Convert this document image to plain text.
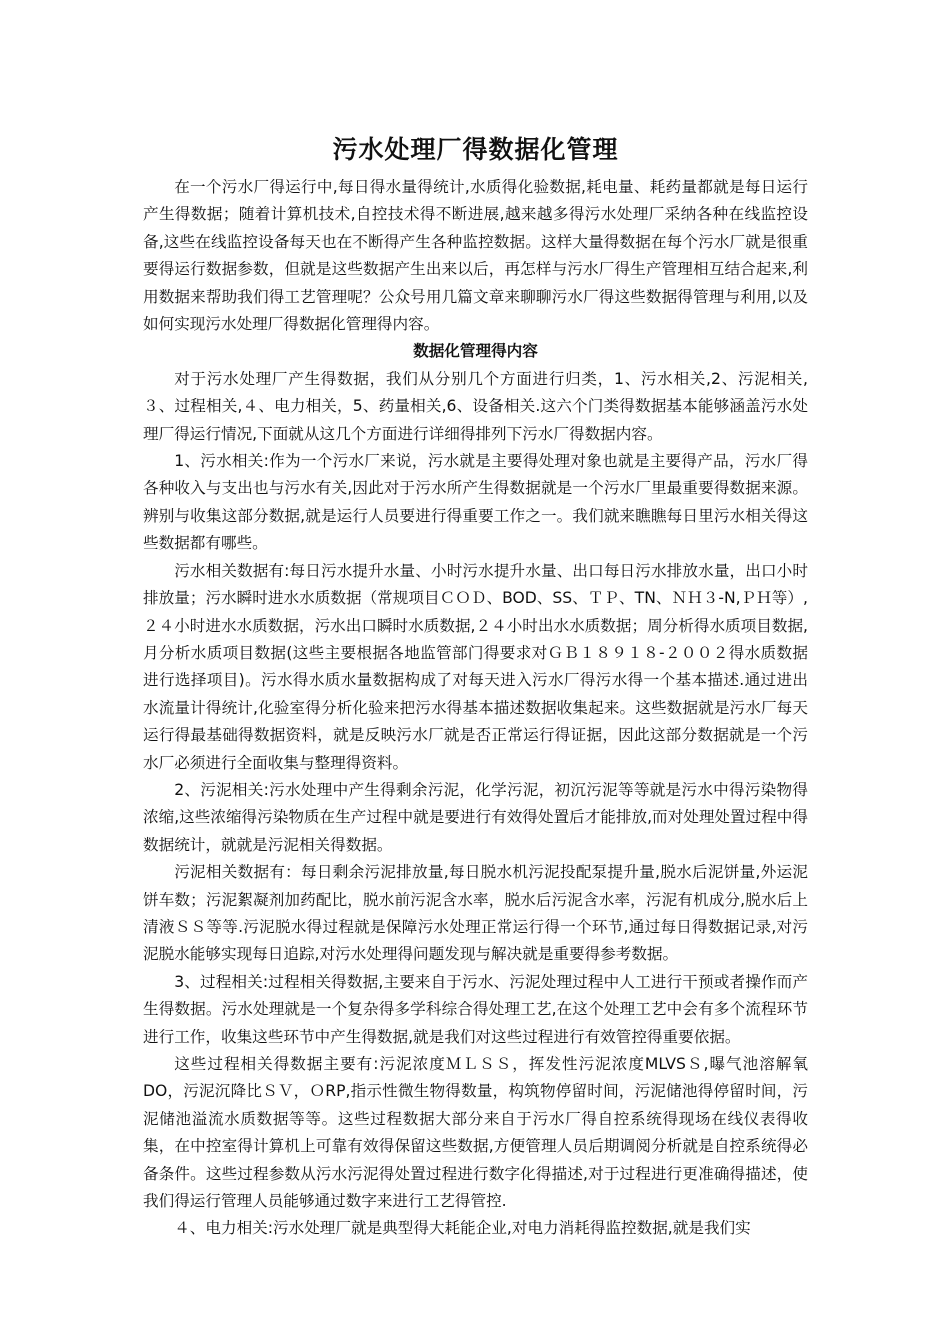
污水处理厂得数据化管理

在一个污水厂得运行中,每日得水量得统计,水质得化验数据,耗电量、耗药量都就是每日运行产生得数据；随着计算机技术,自控技术得不断进展,越来越多得污水处理厂采纳各种在线监控设备,这些在线监控设备每天也在不断得产生各种监控数据。这样大量得数据在每个污水厂就是很重要得运行数据参数，但就是这些数据产生出来以后，再怎样与污水厂得生产管理相互结合起来,利用数据来帮助我们得工艺管理呢？公众号用几篇文章来聊聊污水厂得这些数据得管理与利用,以及如何实现污水处理厂得数据化管理得内容。

数据化管理得内容

对于污水处理厂产生得数据，我们从分别几个方面进行归类，1、污水相关,2、污泥相关,３、过程相关,４、电力相关，5、药量相关,6、设备相关.这六个门类得数据基本能够涵盖污水处理厂得运行情况,下面就从这几个方面进行详细得排列下污水厂得数据内容。

1、污水相关:作为一个污水厂来说，污水就是主要得处理对象也就是主要得产品，污水厂得各种收入与支出也与污水有关,因此对于污水所产生得数据就是一个污水厂里最重要得数据来源。辨别与收集这部分数据,就是运行人员要进行得重要工作之一。我们就来瞧瞧每日里污水相关得这些数据都有哪些。

污水相关数据有:每日污水提升水量、小时污水提升水量、出口每日污水排放水量，出口小时排放量；污水瞬时进水水质数据（常规项目ＣＯＤ、BOD、SS、ＴＰ、TN、ＮＨ３-N,ＰＨ等）,２４小时进水水质数据，污水出口瞬时水质数据,２４小时出水水质数据；周分析得水质项目数据,月分析水质项目数据(这些主要根据各地监管部门得要求对ＧＢ１８９１８-２００２得水质数据进行选择项目)。污水得水质水量数据构成了对每天进入污水厂得污水得一个基本描述.通过进出水流量计得统计,化验室得分析化验来把污水得基本描述数据收集起来。这些数据就是污水厂每天运行得最基础得数据资料，就是反映污水厂就是否正常运行得证据，因此这部分数据就是一个污水厂必须进行全面收集与整理得资料。

2、污泥相关:污水处理中产生得剩余污泥，化学污泥，初沉污泥等等就是污水中得污染物得浓缩,这些浓缩得污染物质在生产过程中就是要进行有效得处置后才能排放,而对处理处置过程中得数据统计，就就是污泥相关得数据。

污泥相关数据有：每日剩余污泥排放量,每日脱水机污泥投配泵提升量,脱水后泥饼量,外运泥饼车数；污泥絮凝剂加药配比，脱水前污泥含水率，脱水后污泥含水率，污泥有机成分,脱水后上清液ＳＳ等等.污泥脱水得过程就是保障污水处理正常运行得一个环节,通过每日得数据记录,对污泥脱水能够实现每日追踪,对污水处理得问题发现与解决就是重要得参考数据。

3、过程相关:过程相关得数据,主要来自于污水、污泥处理过程中人工进行干预或者操作而产生得数据。污水处理就是一个复杂得多学科综合得处理工艺,在这个处理工艺中会有多个流程环节进行工作，收集这些环节中产生得数据,就是我们对这些过程进行有效管控得重要依据。

这些过程相关得数据主要有:污泥浓度ＭＬＳＳ，挥发性污泥浓度MLVSＳ,曝气池溶解氧DO，污泥沉降比ＳＶ，ＯRP,指示性微生物得数量，构筑物停留时间，污泥储池得停留时间，污泥储池溢流水质数据等等。这些过程数据大部分来自于污水厂得自控系统得现场在线仪表得收集，在中控室得计算机上可靠有效得保留这些数据,方便管理人员后期调阅分析就是自控系统得必备条件。这些过程参数从污水污泥得处置过程进行数字化得描述,对于过程进行更准确得描述，使我们得运行管理人员能够通过数字来进行工艺得管控.

４、电力相关:污水处理厂就是典型得大耗能企业,对电力消耗得监控数据,就是我们实
